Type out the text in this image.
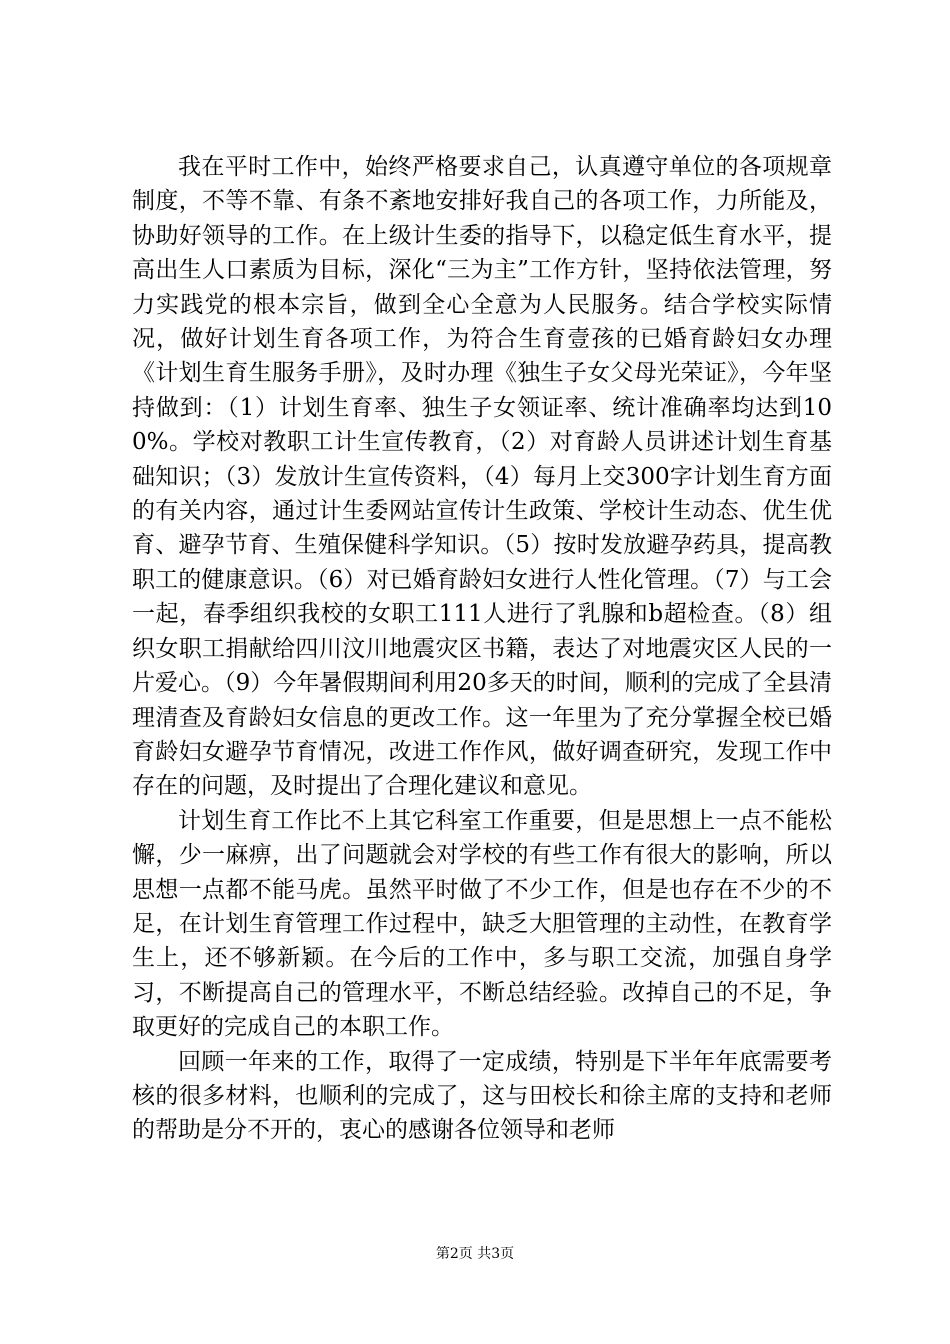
我在平时工作中，始终严格要求自己，认真遵守单位的各项规章制度，不等不靠、有条不紊地安排好我自己的各项工作，力所能及，协助好领导的工作。在上级计生委的指导下，以稳定低生育水平，提高出生人口素质为目标，深化“三为主”工作方针，坚持依法管理，努力实践党的根本宗旨，做到全心全意为人民服务。结合学校实际情况，做好计划生育各项工作，为符合生育壹孩的已婚育龄妇女办理《计划生育生服务手册》，及时办理《独生子女父母光荣证》，今年坚持做到：（1）计划生育率、独生子女领证率、统计准确率均达到100%。学校对教职工计生宣传教育，（2）对育龄人员讲述计划生育基础知识；（3）发放计生宣传资料，（4）每月上交300字计划生育方面的有关内容，通过计生委网站宣传计生政策、学校计生动态、优生优育、避孕节育、生殖保健科学知识。（5）按时发放避孕药具，提高教职工的健康意识。（6）对已婚育龄妇女进行人性化管理。（7）与工会一起，春季组织我校的女职工111人进行了乳腺和b超检查。（8）组织女职工捐献给四川汶川地震灾区书籍，表达了对地震灾区人民的一片爱心。（9）今年暑假期间利用20多天的时间，顺利的完成了全县清理清查及育龄妇女信息的更改工作。这一年里为了充分掌握全校已婚育龄妇女避孕节育情况，改进工作作风，做好调查研究，发现工作中存在的问题，及时提出了合理化建议和意见。

计划生育工作比不上其它科室工作重要，但是思想上一点不能松懈，少一麻痹，出了问题就会对学校的有些工作有很大的影响，所以思想一点都不能马虎。虽然平时做了不少工作，但是也存在不少的不足，在计划生育管理工作过程中，缺乏大胆管理的主动性，在教育学生上，还不够新颖。在今后的工作中，多与职工交流，加强自身学习，不断提高自己的管理水平，不断总结经验。改掉自己的不足，争取更好的完成自己的本职工作。

回顾一年来的工作，取得了一定成绩，特别是下半年年底需要考核的很多材料，也顺利的完成了，这与田校长和徐主席的支持和老师的帮助是分不开的，衷心的感谢各位领导和老师

第2页 共3页
